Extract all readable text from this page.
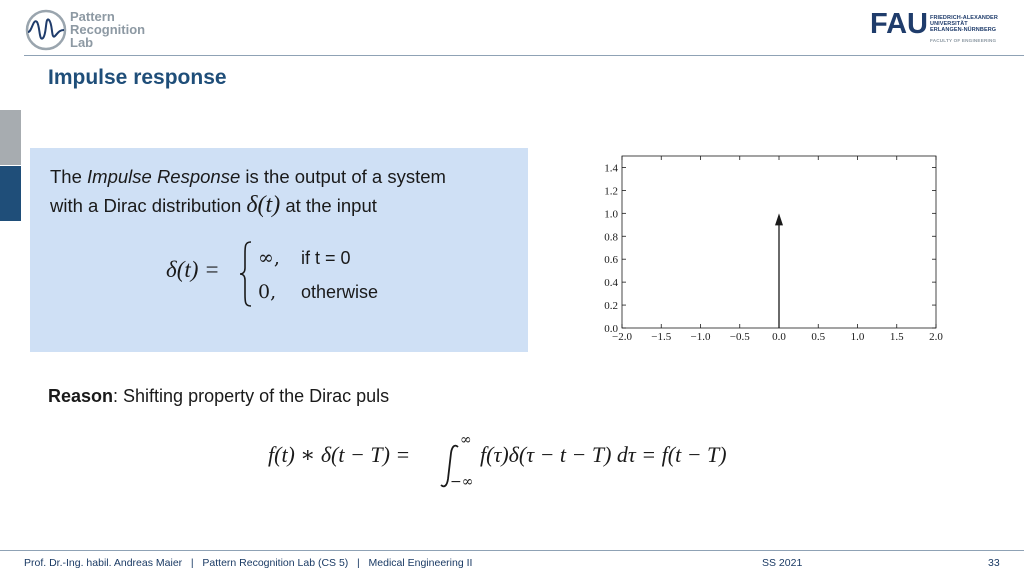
Pattern
Recognition
Lab
FAU FRIEDRICH-ALEXANDER
UNIVERSITÄT
ERLANGEN-NÜRNBERG
FACULTY OF ENGINEERING
Impulse response
The Impulse Response is the output of a system
with a Dirac distribution δ(t) at the input
δ(t) = ∞, if t = 0
0, otherwise
−2.0 −1.5 −1.0 −0.5 0.0 0.5 1.0 1.5 2.0
0.0
0.2
0.4
0.6
0.8
1.0
1.2
1.4
Reason: Shifting property of the Dirac puls
f(t) ∗ δ(t − T) =
∞
−∞
f(τ)δ(τ − t − T) dτ = f(t − T)
Prof. Dr.-Ing. habil. Andreas Maier   |   Pattern Recognition Lab (CS 5)   |   Medical Engineering II	SS 2021	33
